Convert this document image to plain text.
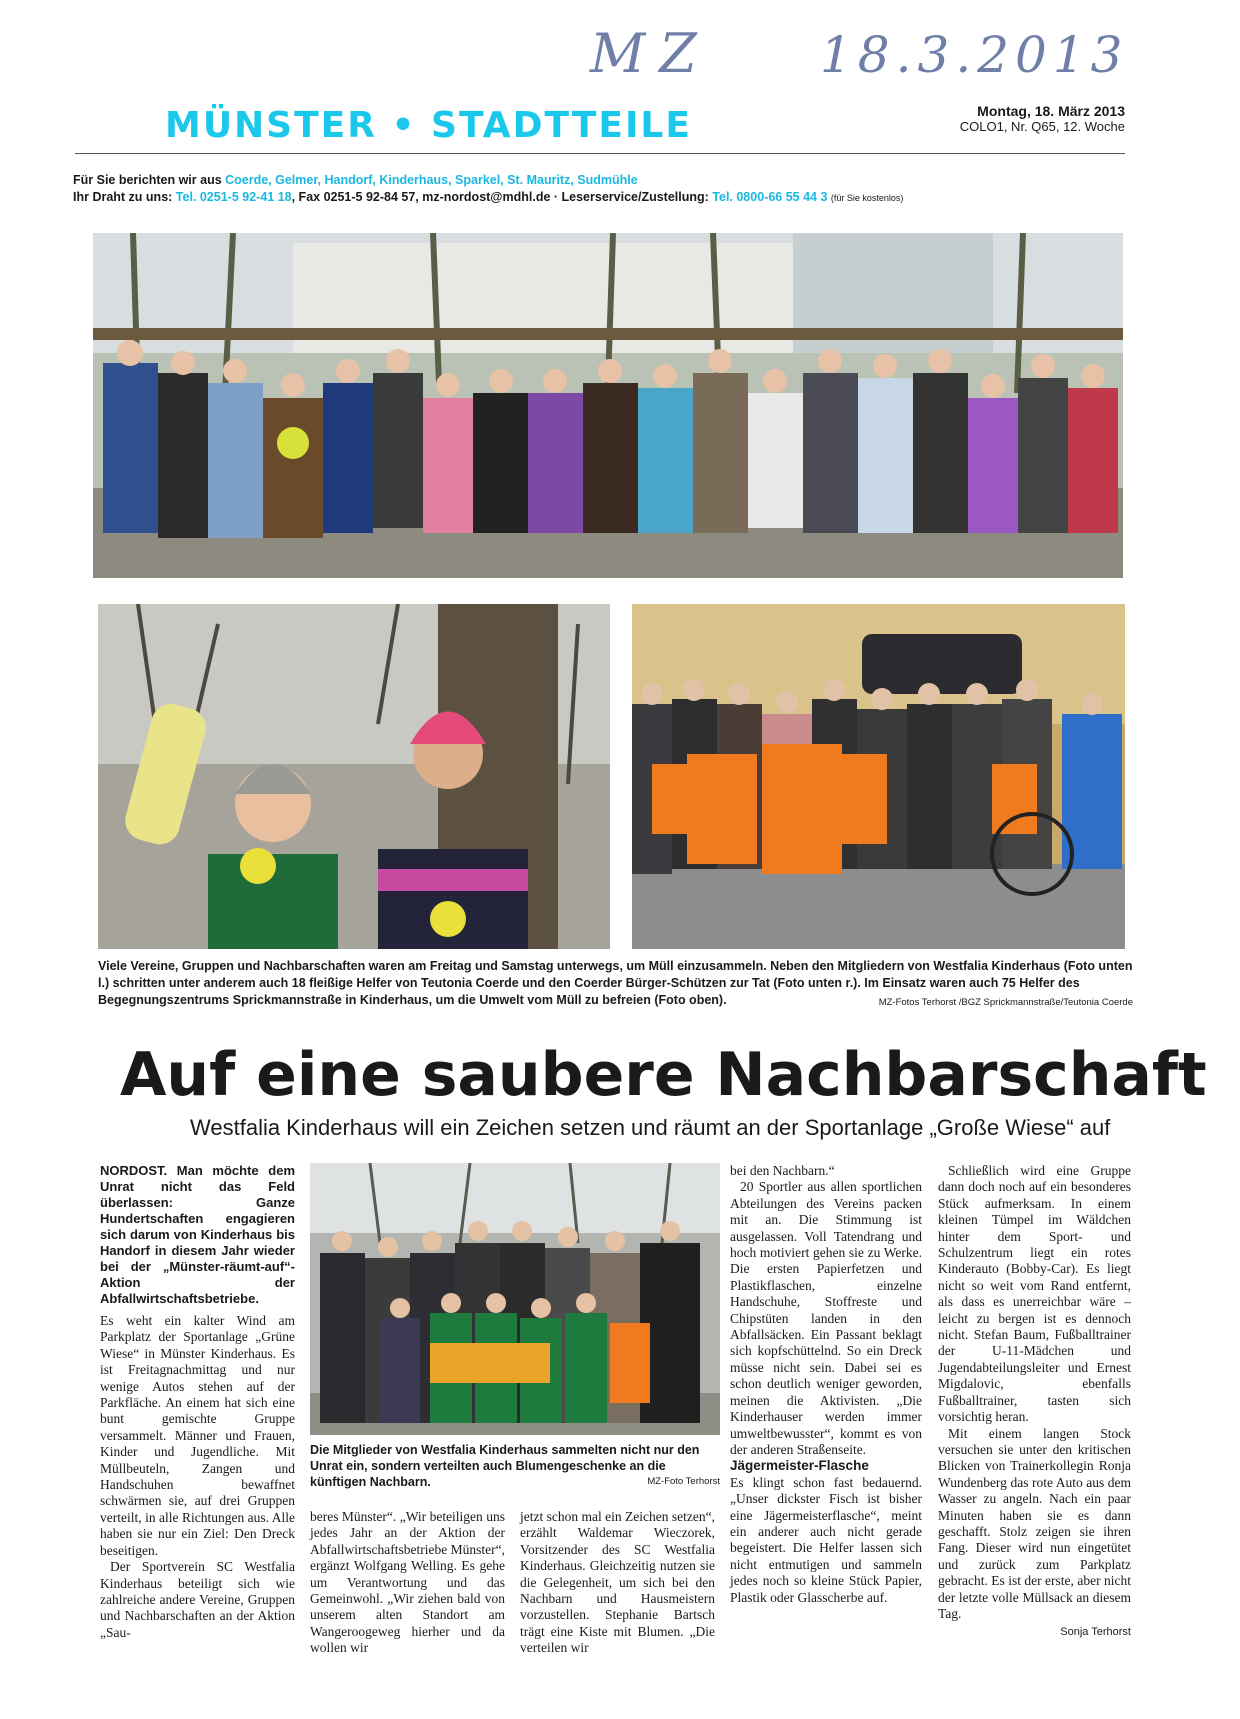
MZ 18.3.2013
MÜNSTER • STADTTEILE	Montag, 18. März 2013
COLO1, Nr. Q65, 12. Woche
Für Sie berichten wir aus Coerde, Gelmer, Handorf, Kinderhaus, Sparkel, St. Mauritz, Sudmühle
Ihr Draht zu uns: Tel. 0251-5 92-41 18, Fax 0251-5 92-84 57, mz-nordost@mdhl.de · Leserservice/Zustellung: Tel. 0800-66 55 44 3 (für Sie kostenlos)
Viele Vereine, Gruppen und Nachbarschaften waren am Freitag und Samstag unterwegs, um Müll einzusammeln. Neben den Mitgliedern von Westfalia Kinderhaus (Foto unten l.) schritten unter anderem auch 18 fleißige Helfer von Teutonia Coerde und den Coerder Bürger-Schützen zur Tat (Foto unten r.). Im Einsatz waren auch 75 Helfer des Begegnungszentrums Sprickmannstraße in Kinderhaus, um die Umwelt vom Müll zu befreien (Foto oben).	MZ-Fotos Terhorst /BGZ Sprickmannstraße/Teutonia Coerde
Auf eine saubere Nachbarschaft
Westfalia Kinderhaus will ein Zeichen setzen und räumt an der Sportanlage „Große Wiese“ auf
NORDOST. Man möchte dem Unrat nicht das Feld überlassen: Ganze Hundertschaften engagieren sich darum von Kinderhaus bis Handorf in diesem Jahr wieder bei der „Münster-räumt-auf“-Aktion der Abfallwirtschaftsbetriebe.

Es weht ein kalter Wind am Parkplatz der Sportanlage „Grüne Wiese“ in Münster Kinderhaus. Es ist Freitagnachmittag und nur wenige Autos stehen auf der Parkfläche. An einem hat sich eine bunt gemischte Gruppe versammelt. Männer und Frauen, Kinder und Jugendliche. Mit Müllbeuteln, Zangen und Handschuhen bewaffnet schwärmen sie, auf drei Gruppen verteilt, in alle Richtungen aus. Alle haben sie nur ein Ziel: Den Dreck beseitigen.

Der Sportverein SC Westfalia Kinderhaus beteiligt sich wie zahlreiche andere Vereine, Gruppen und Nachbarschaften an der Aktion „Sau-

Die Mitglieder von Westfalia Kinderhaus sammelten nicht nur den Unrat ein, sondern verteilten auch Blumengeschenke an die künftigen Nachbarn.	MZ-Foto Terhorst

beres Münster“. „Wir beteiligen uns jedes Jahr an der Aktion der Abfallwirtschaftsbetriebe Münster“, ergänzt Wolfgang Welling. Es gehe um Verantwortung und das Gemeinwohl. „Wir ziehen bald von unserem alten Standort am Wangeroogeweg hierher und da wollen wir

jetzt schon mal ein Zeichen setzen“, erzählt Waldemar Wieczorek, Vorsitzender des SC Westfalia Kinderhaus. Gleichzeitig nutzen sie die Gelegenheit, um sich bei den Nachbarn und Hausmeistern vorzustellen. Stephanie Bartsch trägt eine Kiste mit Blumen. „Die verteilen wir

bei den Nachbarn.“

20 Sportler aus allen sportlichen Abteilungen des Vereins packen mit an. Die Stimmung ist ausgelassen. Voll Tatendrang und hoch motiviert gehen sie zu Werke. Die ersten Papierfetzen und Plastikflaschen, einzelne Handschuhe, Stoffreste und Chipstüten landen in den Abfallsäcken. Ein Passant beklagt sich kopfschüttelnd. So ein Dreck müsse nicht sein. Dabei sei es schon deutlich weniger geworden, meinen die Aktivisten. „Die Kinderhauser werden immer umweltbewusster“, kommt es von der anderen Straßenseite.

Jägermeister-Flasche

Es klingt schon fast bedauernd. „Unser dickster Fisch ist bisher eine Jägermeisterflasche“, meint ein anderer auch nicht gerade begeistert. Die Helfer lassen sich nicht entmutigen und sammeln jedes noch so kleine Stück Papier, Plastik oder Glasscherbe auf.

Schließlich wird eine Gruppe dann doch noch auf ein besonderes Stück aufmerksam. In einem kleinen Tümpel im Wäldchen hinter dem Sport- und Schulzentrum liegt ein rotes Kinderauto (Bobby-Car). Es liegt nicht so weit vom Rand entfernt, als dass es unerreichbar wäre – leicht zu bergen ist es dennoch nicht. Stefan Baum, Fußballtrainer der U-11-Mädchen und Jugendabteilungsleiter und Ernest Migdalovic, ebenfalls Fußballtrainer, tasten sich vorsichtig heran.

Mit einem langen Stock versuchen sie unter den kritischen Blicken von Trainerkollegin Ronja Wundenberg das rote Auto aus dem Wasser zu angeln. Nach ein paar Minuten haben sie es dann geschafft. Stolz zeigen sie ihren Fang. Dieser wird nun eingetütet und zurück zum Parkplatz gebracht. Es ist der erste, aber nicht der letzte volle Müllsack an diesem Tag.

Sonja Terhorst
